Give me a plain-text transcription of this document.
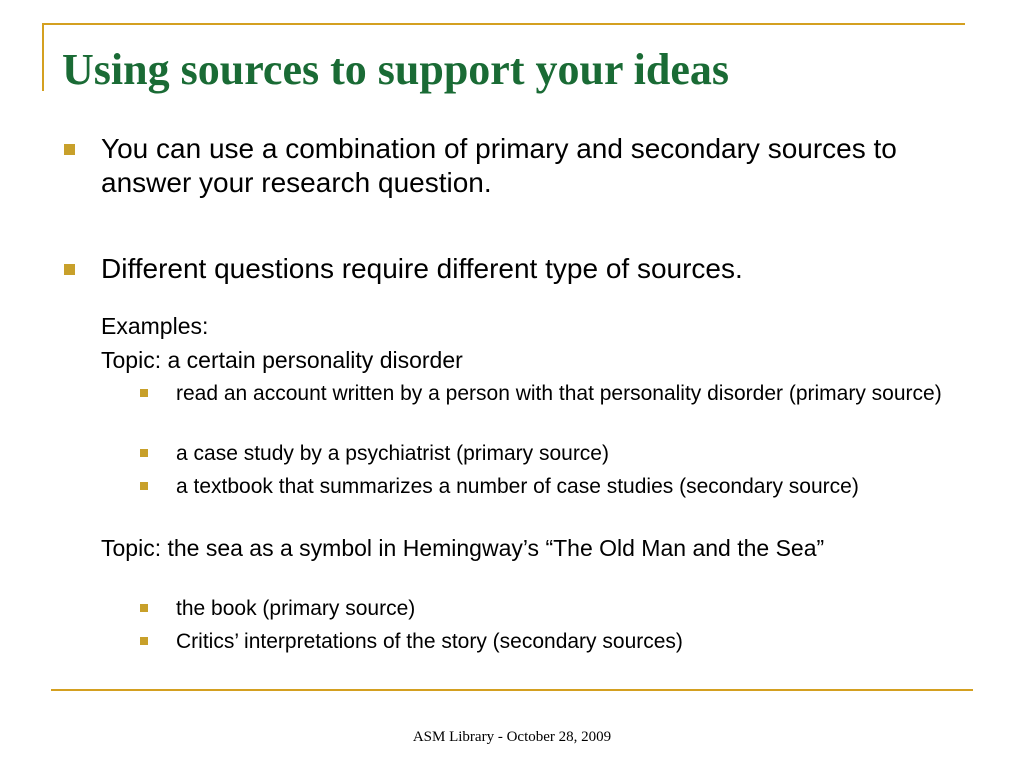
Using sources to support your ideas

You can use a combination of primary and secondary sources to answer your research question.

Different questions require different type of sources.

Examples:

Topic: a certain personality disorder

read an account written by a person with that personality disorder (primary source)

a case study by a psychiatrist (primary source)

a textbook that summarizes a number of case studies (secondary source)

Topic: the sea as a symbol in Hemingway’s “The Old Man and the Sea”

the book (primary source)

Critics’ interpretations of the story (secondary sources)

ASM Library - October 28, 2009
